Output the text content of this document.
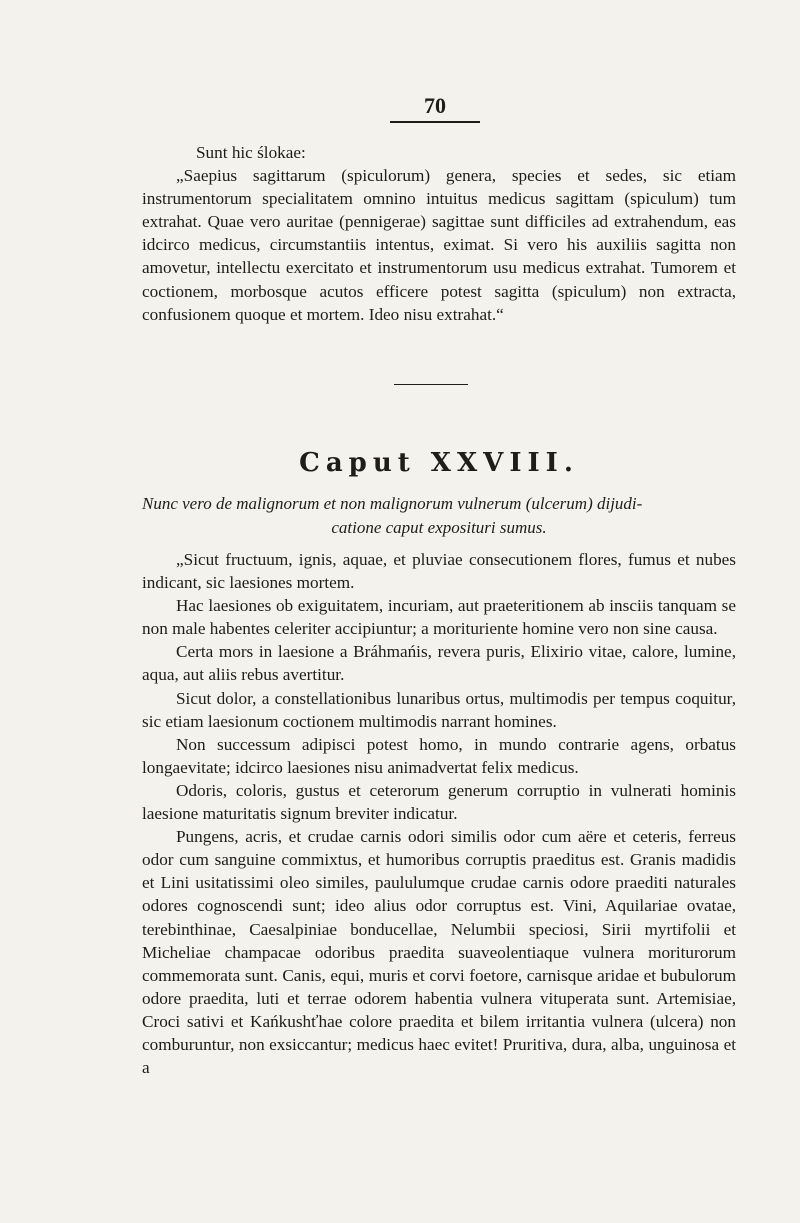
70

Sunt hic ślokae:

„Saepius sagittarum (spiculorum) genera, species et sedes, sic etiam instrumentorum specialitatem omnino intuitus medicus sagittam (spiculum) tum extrahat. Quae vero auritae (pennigerae) sagittae sunt difficiles ad extrahendum, eas idcirco medicus, circumstantiis intentus, eximat. Si vero his auxiliis sagitta non amovetur, intellectu exercitato et instrumentorum usu medicus extrahat. Tumorem et coctionem, morbosque acutos efficere potest sagitta (spiculum) non extracta, confusionem quoque et mortem. Ideo nisu extrahat.“

Caput XXVIII.
Nunc vero de malignorum et non malignorum vulnerum (ulcerum) dijudi-
catione caput exposituri sumus.

„Sicut fructuum, ignis, aquae, et pluviae consecutionem flores, fumus et nubes indicant, sic laesiones mortem.

Hac laesiones ob exiguitatem, incuriam, aut praeteritionem ab insciis tanquam se non male habentes celeriter accipiuntur; a morituriente homine vero non sine causa.

Certa mors in laesione a Bráhmańis, revera puris, Elixirio vitae, calore, lumine, aqua, aut aliis rebus avertitur.

Sicut dolor, a constellationibus lunaribus ortus, multimodis per tempus coquitur, sic etiam laesionum coctionem multimodis narrant homines.

Non successum adipisci potest homo, in mundo contrarie agens, orbatus longaevitate; idcirco laesiones nisu animadvertat felix medicus.

Odoris, coloris, gustus et ceterorum generum corruptio in vulnerati hominis laesione maturitatis signum breviter indicatur.

Pungens, acris, et crudae carnis odori similis odor cum aëre et ceteris, ferreus odor cum sanguine commixtus, et humoribus corruptis praeditus est. Granis madidis et Lini usitatissimi oleo similes, paululumque crudae carnis odore praediti naturales odores cognoscendi sunt; ideo alius odor corruptus est. Vini, Aquilariae ovatae, terebinthinae, Caesalpiniae bonducellae, Nelumbii speciosi, Sirii myrtifolii et Micheliae champacae odoribus praedita suaveolentiaque vulnera moriturorum commemorata sunt. Canis, equi, muris et corvi foetore, carnisque aridae et bubulorum odore praedita, luti et terrae odorem habentia vulnera vituperata sunt. Artemisiae, Croci sativi et Kańkushťhae colore praedita et bilem irritantia vulnera (ulcera) non comburuntur, non exsiccantur; medicus haec evitet! Pruritiva, dura, alba, unguinosa et a
